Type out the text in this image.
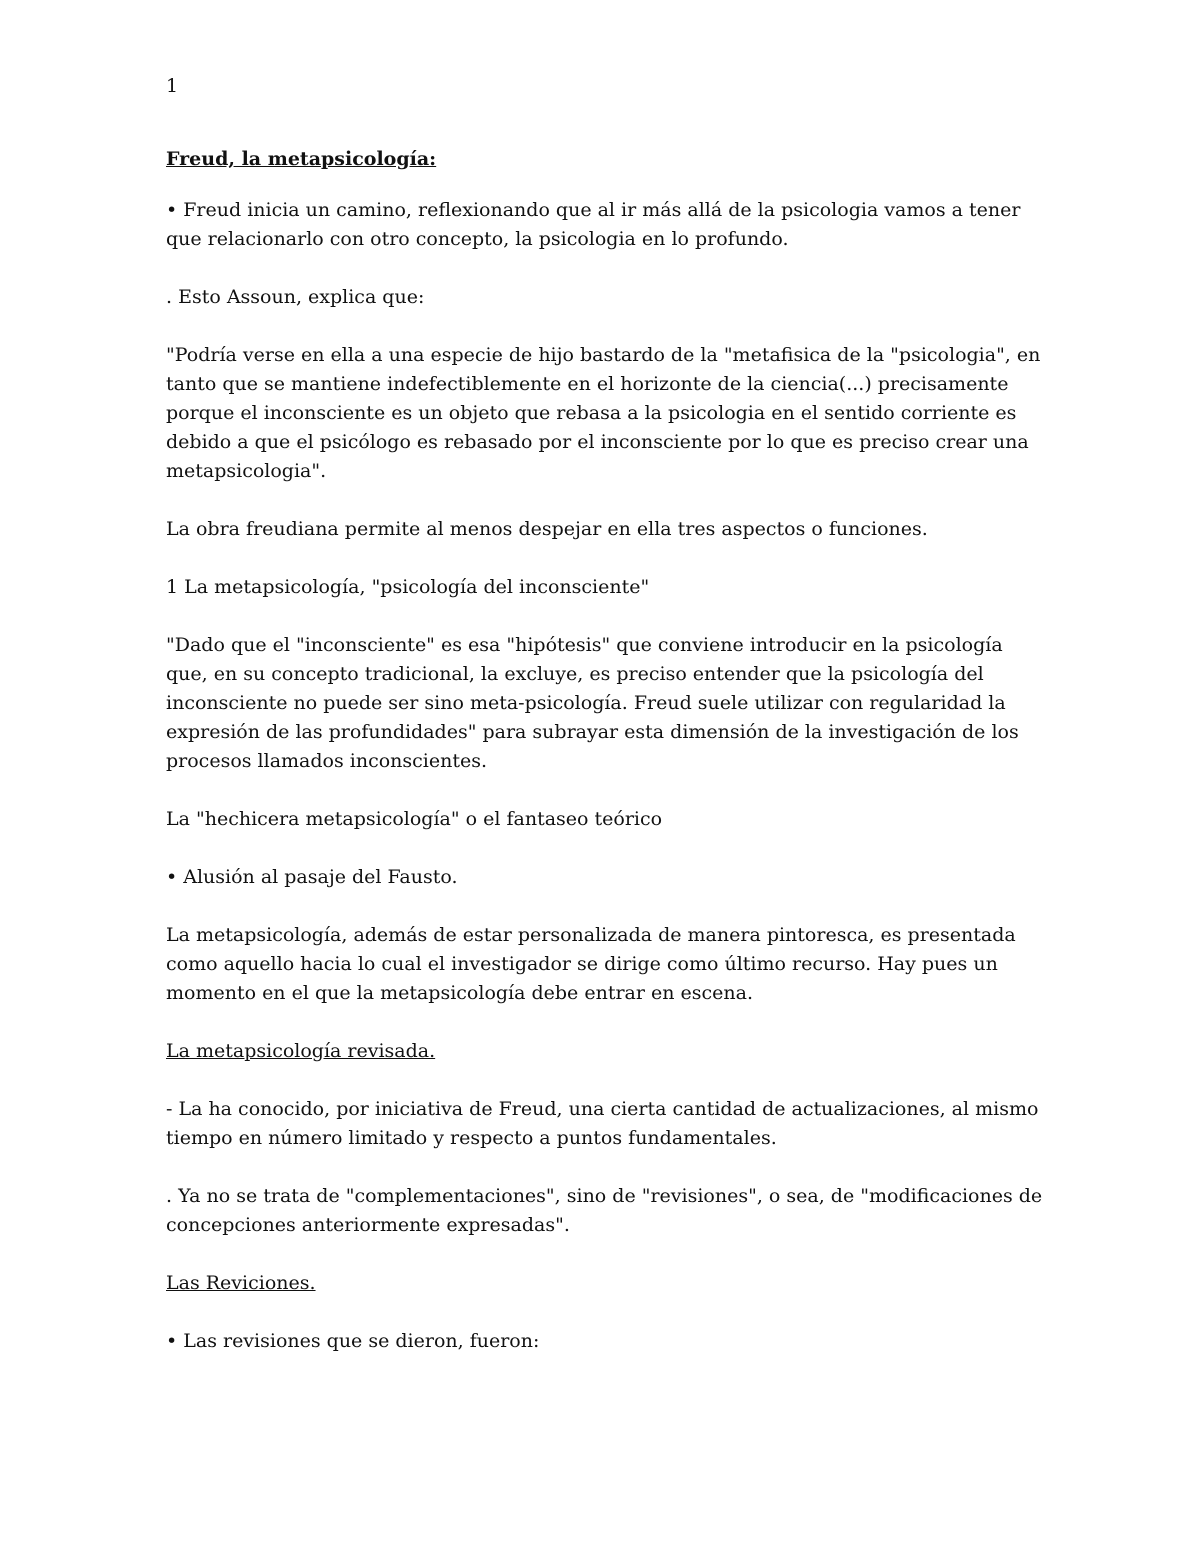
1
Freud, la metapsicología:
• Freud inicia un camino, reflexionando que al ir más allá de la psicologia vamos a tener que relacionarlo con otro concepto, la psicologia en lo profundo.
. Esto Assoun, explica que:
"Podría verse en ella a una especie de hijo bastardo de la "metafisica de la "psicologia", en tanto que se mantiene indefectiblemente en el horizonte de la ciencia(...) precisamente porque el inconsciente es un objeto que rebasa a la psicologia en el sentido corriente es debido a que el psicólogo es rebasado por el inconsciente por lo que es preciso crear una metapsicologia".
La obra freudiana permite al menos despejar en ella tres aspectos o funciones.
1 La metapsicología, "psicología del inconsciente"
"Dado que el "inconsciente" es esa "hipótesis" que conviene introducir en la psicología que, en su concepto tradicional, la excluye, es preciso entender que la psicología del inconsciente no puede ser sino meta-psicología. Freud suele utilizar con regularidad la expresión de las profundidades" para subrayar esta dimensión de la investigación de los procesos llamados inconscientes.
La "hechicera metapsicología" o el fantaseo teórico
• Alusión al pasaje del Fausto.
La metapsicología, además de estar personalizada de manera pintoresca, es presentada como aquello hacia lo cual el investigador se dirige como último recurso. Hay pues un momento en el que la metapsicología debe entrar en escena.
La metapsicología revisada.
- La ha conocido, por iniciativa de Freud, una cierta cantidad de actualizaciones, al mismo tiempo en número limitado y respecto a puntos fundamentales.
. Ya no se trata de "complementaciones", sino de "revisiones", o sea, de "modificaciones de concepciones anteriormente expresadas".
Las Reviciones.
• Las revisiones que se dieron, fueron:
